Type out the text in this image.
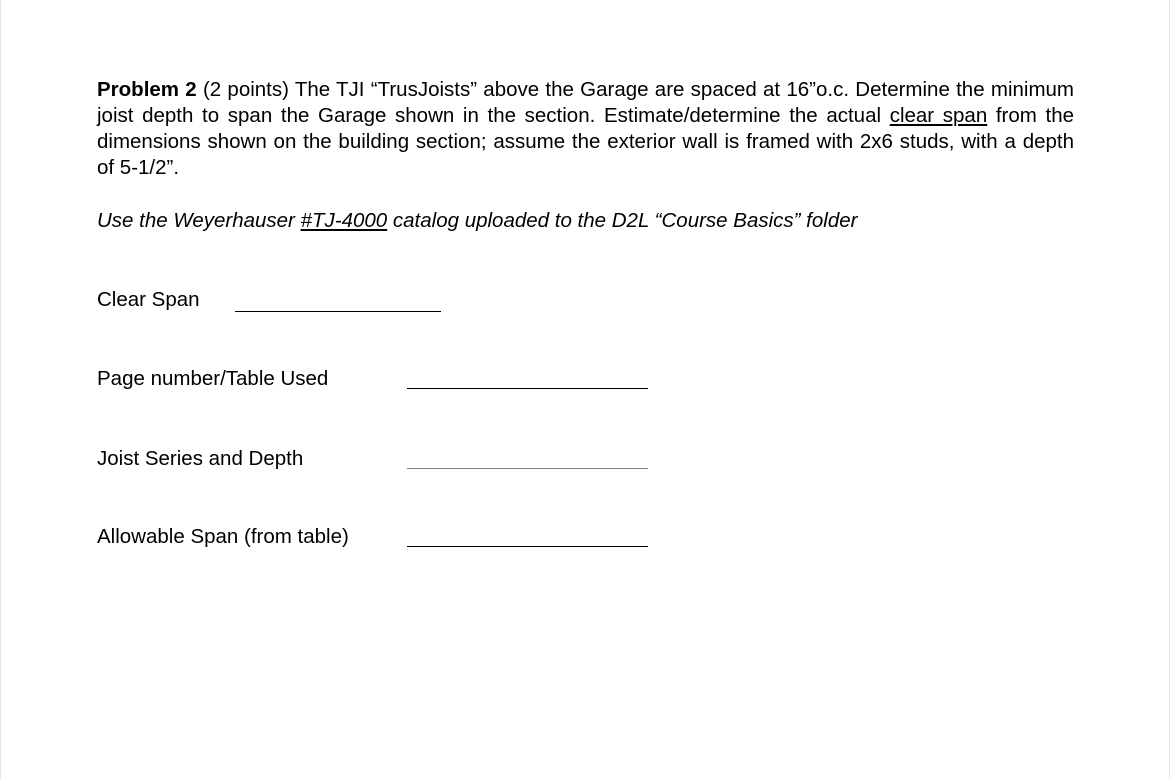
Problem 2 (2 points) The TJI “TrusJoists” above the Garage are spaced at 16”o.c. Determine the minimum joist depth to span the Garage shown in the section. Estimate/determine the actual clear span from the dimensions shown on the building section; assume the exterior wall is framed with 2x6 studs, with a depth of 5-1/2”.
Use the Weyerhauser #TJ-4000 catalog uploaded to the D2L “Course Basics” folder
Clear Span
Page number/Table Used
Joist Series and Depth
Allowable Span (from table)
